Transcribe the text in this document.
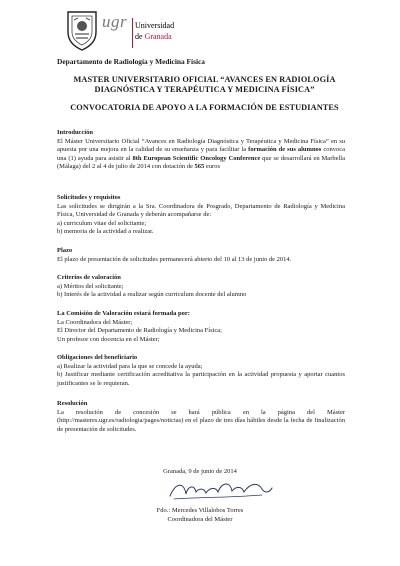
ugr Universidad
de Granada
Departamento de Radiología y Medicina Física
MASTER UNIVERSITARIO OFICIAL “AVANCES EN RADIOLOGÍA
DIAGNÓSTICA Y TERAPÉUTICA Y MEDICINA FÍSICA”
CONVOCATORIA DE APOYO A LA FORMACIÓN DE ESTUDIANTES
Introducción
El Máster Universitario Oficial “Avances en Radiología Diagnóstica y Terapéutica y Medicina Física” en su apuesta por una mejora en la calidad de su enseñanza y para facilitar la formación de sus alumnos convoca una (1) ayuda para asistir al 8th European Scientific Oncology Conference que se desarrollará en Marbella (Málaga) del 2 al 4 de julio de 2014 con dotación de 565 euros
Solicitudes y requisitos
Las solicitudes se dirigirán a la Sra. Coordinadora de Posgrado, Departamento de Radiología y Medicina Física, Universidad de Granada y deberán acompañarse de:
a) curriculum vitae del solicitante;
b) memoria de la actividad a realizar.
Plazo
El plazo de presentación de solicitudes permanecerá abierto del 10 al 13 de junio de 2014.
Criterios de valoración
a) Méritos del solicitante;
b) Interés de la actividad a realizar según curriculum docente del alumno
La Comisión de Valoración estará formada por:
La Coordinadora del Máster;
El Director del Departamento de Radiología y Medicina Física;
Un profesor con docencia en el Máster;
Obligaciones del beneficiario
a) Realizar la actividad para la que se concede la ayuda;
b) Justificar mediante certificación acreditativa la participación en la actividad propuesta y aportar cuantos justificantes se le requieran.
Granada, 9 de junio de 2014
Fdo.: Mercedes Villalobos Torres
Coordinadora del Máster
Resolución
La resolución de concesión se hará pública en la página del Máster (http://masteres.ugr.es/radiologia/pages/noticias) en el plazo de tres días hábiles desde la fecha de finalización de presentación de solicitudes.
